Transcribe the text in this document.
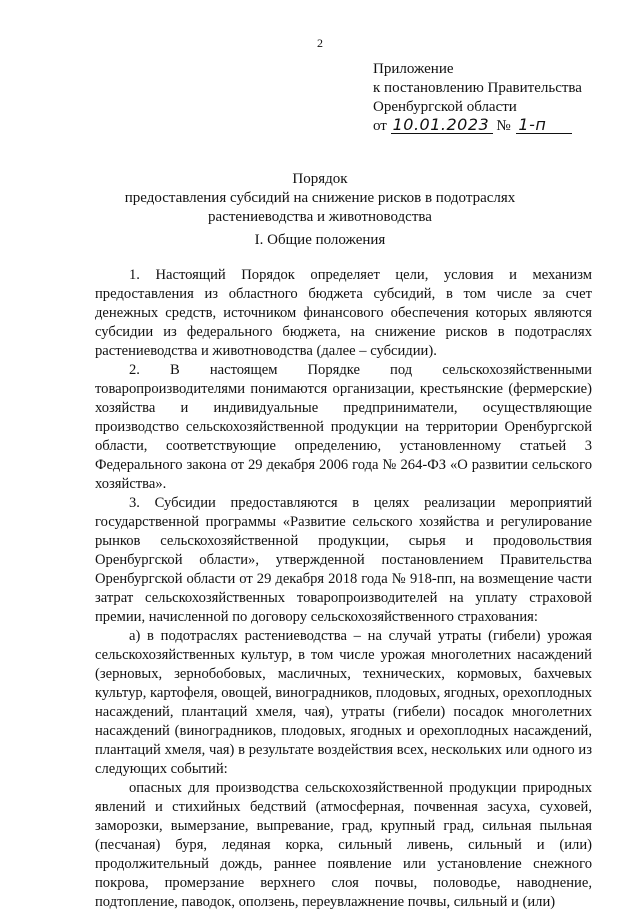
2
Приложение
к постановлению Правительства
Оренбургской области
от 10.01.2023 № 1-п
Порядок
предоставления субсидий на снижение рисков в подотраслях
растениеводства и животноводства
I. Общие положения

1. Настоящий Порядок определяет цели, условия и механизм предоставления из областного бюджета субсидий, в том числе за счет денежных средств, источником финансового обеспечения которых являются субсидии из федерального бюджета, на снижение рисков в подотраслях растениеводства и животноводства (далее – субсидии).

2. В настоящем Порядке под сельскохозяйственными товаропроизводителями понимаются организации, крестьянские (фермерские) хозяйства и индивидуальные предприниматели, осуществляющие производство сельскохозяйственной продукции на территории Оренбургской области, соответствующие определению, установленному статьей 3 Федерального закона от 29 декабря 2006 года № 264-ФЗ «О развитии сельского хозяйства».

3. Субсидии предоставляются в целях реализации мероприятий государственной программы «Развитие сельского хозяйства и регулирование рынков сельскохозяйственной продукции, сырья и продовольствия Оренбургской области», утвержденной постановлением Правительства Оренбургской области от 29 декабря 2018 года № 918-пп, на возмещение части затрат сельскохозяйственных товаропроизводителей на уплату страховой премии, начисленной по договору сельскохозяйственного страхования:

а) в подотраслях растениеводства – на случай утраты (гибели) урожая сельскохозяйственных культур, в том числе урожая многолетних насаждений (зерновых, зернобобовых, масличных, технических, кормовых, бахчевых культур, картофеля, овощей, виноградников, плодовых, ягодных, орехоплодных насаждений, плантаций хмеля, чая), утраты (гибели) посадок многолетних насаждений (виноградников, плодовых, ягодных и орехоплодных насаждений, плантаций хмеля, чая) в результате воздействия всех, нескольких или одного из следующих событий:

опасных для производства сельскохозяйственной продукции природных явлений и стихийных бедствий (атмосферная, почвенная засуха, суховей, заморозки, вымерзание, выпревание, град, крупный град, сильная пыльная (песчаная) буря, ледяная корка, сильный ливень, сильный и (или) продолжительный дождь, раннее появление или установление снежного покрова, промерзание верхнего слоя почвы, половодье, наводнение, подтопление, паводок, оползень, переувлажнение почвы, сильный и (или)
